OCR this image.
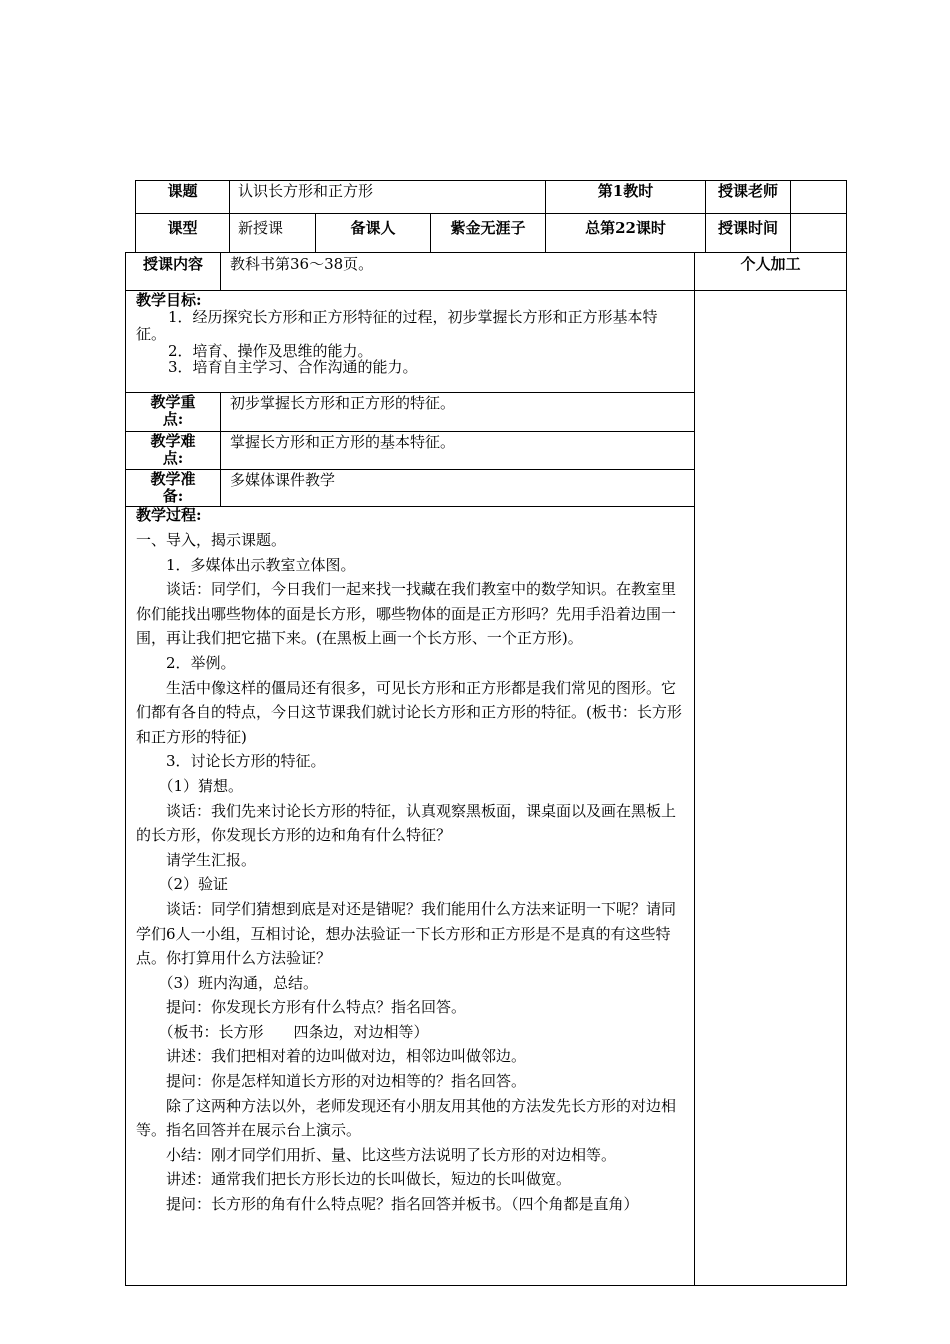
课题	认识长方形和正方形	第1教时	授课老师
课型	新授课	备课人	紫金无涯子	总第22课时	授课时间
授课内容	教科书第36～38页。	个人加工
教学目标:
1．经历探究长方形和正方形特征的过程，初步掌握长方形和正方形基本特征。
2．培育、操作及思维的能力。
3．培育自主学习、合作沟通的能力。
教学重
点:
初步掌握长方形和正方形的特征。
教学难
点:
掌握长方形和正方形的基本特征。
教学准
备:
多媒体课件教学
教学过程:
一、导入，揭示课题。
　　1．多媒体出示教室立体图。
　　谈话：同学们，今日我们一起来找一找藏在我们教室中的数学知识。在教室里你们能找出哪些物体的面是长方形，哪些物体的面是正方形吗？先用手沿着边围一围，再让我们把它描下来。(在黑板上画一个长方形、一个正方形)。
　　2．举例。
　　生活中像这样的僵局还有很多，可见长方形和正方形都是我们常见的图形。它们都有各自的特点，今日这节课我们就讨论长方形和正方形的特征。(板书：长方形和正方形的特征)
　　3．讨论长方形的特征。
　　（1）猜想。
　　谈话：我们先来讨论长方形的特征，认真观察黑板面，课桌面以及画在黑板上的长方形，你发现长方形的边和角有什么特征？
　　请学生汇报。
　　（2）验证
　　谈话：同学们猜想到底是对还是错呢？我们能用什么方法来证明一下呢？请同学们6人一小组，互相讨论，想办法验证一下长方形和正方形是不是真的有这些特点。你打算用什么方法验证？
　　（3）班内沟通，总结。
　　提问：你发现长方形有什么特点？指名回答。
　　（板书：长方形　　四条边，对边相等）
　　讲述：我们把相对着的边叫做对边，相邻边叫做邻边。
　　提问：你是怎样知道长方形的对边相等的？指名回答。
　　除了这两种方法以外，老师发现还有小朋友用其他的方法发先长方形的对边相等。指名回答并在展示台上演示。
　　小结：刚才同学们用折、量、比这些方法说明了长方形的对边相等。
　　讲述：通常我们把长方形长边的长叫做长，短边的长叫做宽。
　　提问：长方形的角有什么特点呢？指名回答并板书。（四个角都是直角）
